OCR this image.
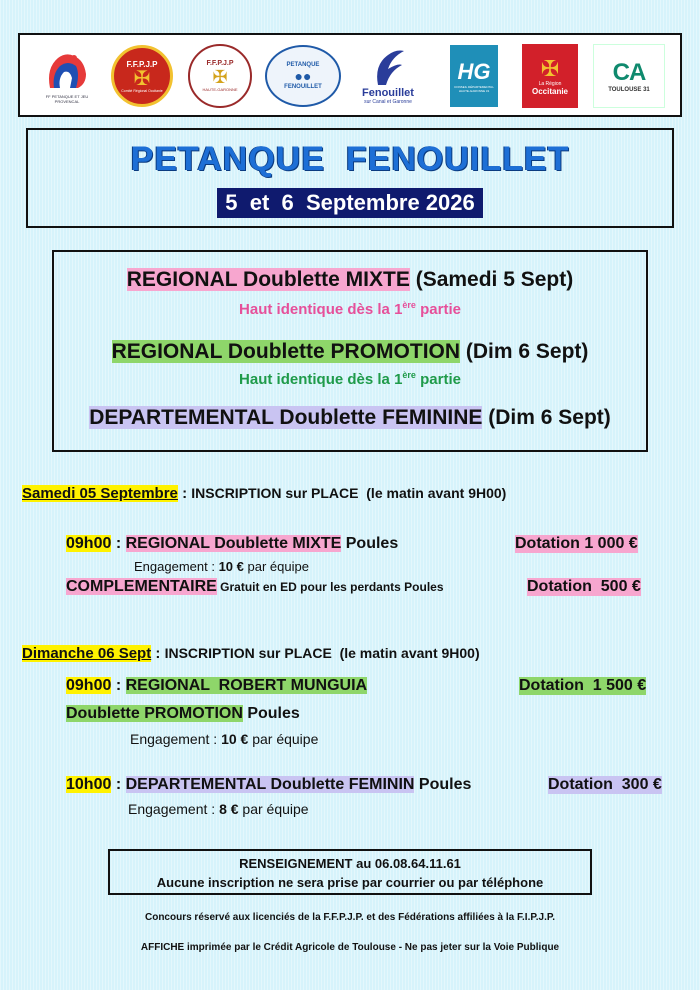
FF PETANQUE ET JEU PROVENCAL
F.F.P.J.P
✠
Comité Régional Occitanie
F.F.P.J.P
✠
HAUTE-GARONNE
PETANQUE
●●
FENOUILLET	Fenouillet
sur Canal et Garonne
HG
CONSEIL DÉPARTEMENTAL HAUTE-GARONNE 31
✠
La Région
Occitanie
CA
TOULOUSE 31
PETANQUE  FENOUILLET
5  et  6  Septembre 2026
REGIONAL Doublette MIXTE (Samedi 5 Sept)
Haut identique dès la 1ère partie
REGIONAL Doublette PROMOTION (Dim 6 Sept)
Haut identique dès la 1ère partie
DEPARTEMENTAL Doublette FEMININE (Dim 6 Sept)
Samedi 05 Septembre : INSCRIPTION sur PLACE  (le matin avant 9H00)
09h00 : REGIONAL Doublette MIXTE Poules	Dotation 1 000 €
Engagement : 10 € par équipe
COMPLEMENTAIRE Gratuit en ED pour les perdants Poules	Dotation  500 €
Dimanche 06 Sept : INSCRIPTION sur PLACE  (le matin avant 9H00)
09h00 : REGIONAL  ROBERT MUNGUIA	Dotation  1 500 €
Doublette PROMOTION Poules
Engagement : 10 € par équipe
10h00 : DEPARTEMENTAL Doublette FEMININ Poules	Dotation  300 €
Engagement : 8 € par équipe
RENSEIGNEMENT au 06.08.64.11.61
Aucune inscription ne sera prise par courrier ou par téléphone
Concours réservé aux licenciés de la F.F.P.J.P. et des Fédérations affiliées à la F.I.P.J.P.
AFFICHE imprimée par le Crédit Agricole de Toulouse - Ne pas jeter sur la Voie Publique
